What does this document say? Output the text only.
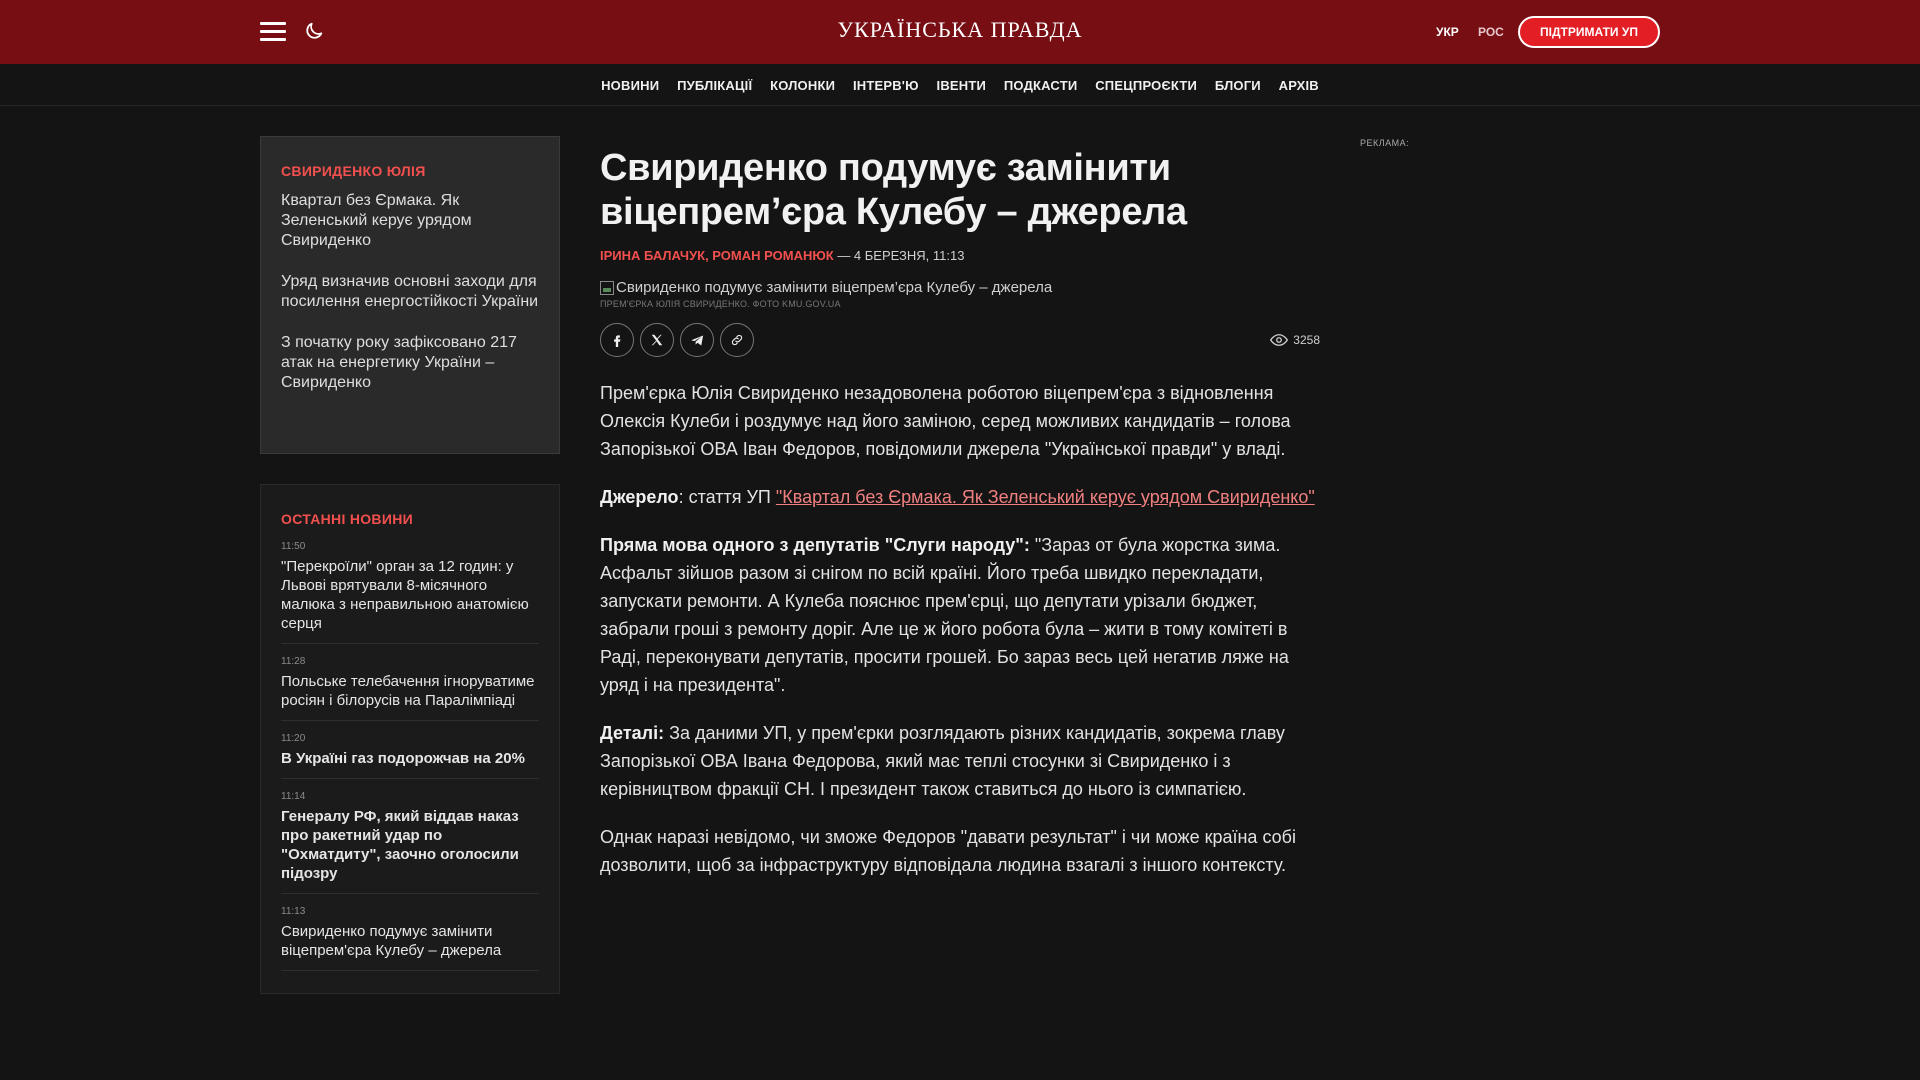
УКРАЇНСЬКА ПРАВДА	УКР РОС	ПІДТРИМАТИ УП
НОВИНИ ПУБЛІКАЦІЇ КОЛОНКИ ІНТЕРВ'Ю ІВЕНТИ ПОДКАСТИ СПЕЦПРОЄКТИ БЛОГИ АРХІВ
СВИРИДЕНКО ЮЛІЯ
Квартал без Єрмака. Як Зеленський керує урядом Свириденко
Уряд визначив основні заходи для посилення енергостійкості України
З початку року зафіксовано 217 атак на енергетику України – Свириденко
ОСТАННІ НОВИНИ
11:50
"Перекроїли" орган за 12 годин: у Львові врятували 8-місячного малюка з неправильною анатомією серця
11:28
Польське телебачення ігноруватиме росіян і білорусів на Паралімпіаді
11:20
В Україні газ подорожчав на 20%
11:14
Генералу РФ, який віддав наказ про ракетний удар по "Охматдиту", заочно оголосили підозру
11:13
Свириденко подумує замінити віцепрем'єра Кулебу – джерела
Свириденко подумує замінити віцепрем’єра Кулебу – джерела
ІРИНА БАЛАЧУК, РОМАН РОМАНЮК — 4 БЕРЕЗНЯ, 11:13
Свириденко подумує замінити віцепрем’єра Кулебу – джерела
ПРЕМ'ЄРКА ЮЛІЯ СВИРИДЕНКО. ФОТО KMU.GOV.UA
3258

Прем'єрка Юлія Свириденко незадоволена роботою віцепрем'єра з відновлення Олексія Кулеби і роздумує над його заміною, серед можливих кандидатів – голова Запорізької ОВА Іван Федоров, повідомили джерела "Української правди" у владі.

Джерело: стаття УП "Квартал без Єрмака. Як Зеленський керує урядом Свириденко"

Пряма мова одного з депутатів "Слуги народу": "Зараз от була жорстка зима. Асфальт зійшов разом зі снігом по всій країні. Його треба швидко перекладати, запускати ремонти. А Кулеба пояснює прем'єрці, що депутати урізали бюджет, забрали гроші з ремонту доріг. Але це ж його робота була – жити в тому комітеті в Раді, переконувати депутатів, просити грошей. Бо зараз весь цей негатив ляже на уряд і на президента".

Деталі: За даними УП, у прем'єрки розглядають різних кандидатів, зокрема главу Запорізької ОВА Івана Федорова, який має теплі стосунки зі Свириденко і з керівництвом фракції СН. І президент також ставиться до нього із симпатією.

Однак наразі невідомо, чи зможе Федоров "давати результат" і чи може країна собі дозволити, щоб за інфраструктуру відповідала людина взагалі з іншого контексту.

РЕКЛАМА:
